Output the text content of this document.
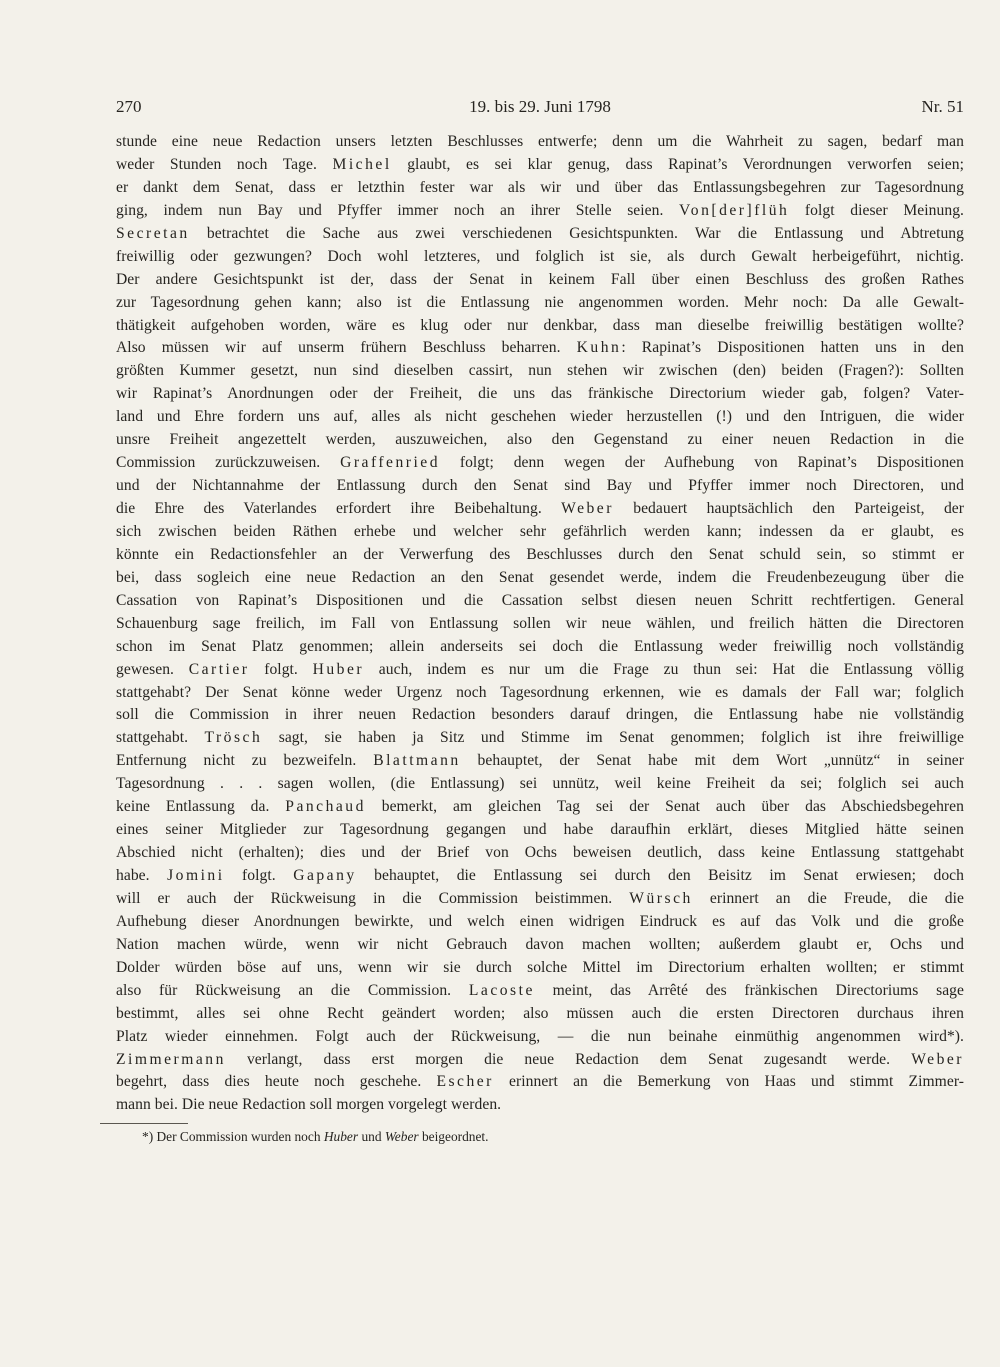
270	19. bis 29. Juni 1798	Nr. 51
stunde eine neue Redaction unsers letzten Beschlusses entwerfe; denn um die Wahrheit zu sagen, bedarf man
weder Stunden noch Tage. Michel glaubt, es sei klar genug, dass Rapinat’s Verordnungen verworfen seien;
er dankt dem Senat, dass er letzthin fester war als wir und über das Entlassungsbegehren zur Tagesordnung
ging, indem nun Bay und Pfyffer immer noch an ihrer Stelle seien. Von[der]flüh folgt dieser Meinung.
Secretan betrachtet die Sache aus zwei verschiedenen Gesichtspunkten. War die Entlassung und Abtretung
freiwillig oder gezwungen? Doch wohl letzteres, und folglich ist sie, als durch Gewalt herbeigeführt, nichtig.
Der andere Gesichtspunkt ist der, dass der Senat in keinem Fall über einen Beschluss des großen Rathes
zur Tagesordnung gehen kann; also ist die Entlassung nie angenommen worden. Mehr noch: Da alle Gewalt-
thätigkeit aufgehoben worden, wäre es klug oder nur denkbar, dass man dieselbe freiwillig bestätigen wollte?
Also müssen wir auf unserm frühern Beschluss beharren. Kuhn: Rapinat’s Dispositionen hatten uns in den
größten Kummer gesetzt, nun sind dieselben cassirt, nun stehen wir zwischen (den) beiden (Fragen?): Sollten
wir Rapinat’s Anordnungen oder der Freiheit, die uns das fränkische Directorium wieder gab, folgen? Vater-
land und Ehre fordern uns auf, alles als nicht geschehen wieder herzustellen (!) und den Intriguen, die wider
unsre Freiheit angezettelt werden, auszuweichen, also den Gegenstand zu einer neuen Redaction in die
Commission zurückzuweisen. Graffenried folgt; denn wegen der Aufhebung von Rapinat’s Dispositionen
und der Nichtannahme der Entlassung durch den Senat sind Bay und Pfyffer immer noch Directoren, und
die Ehre des Vaterlandes erfordert ihre Beibehaltung. Weber bedauert hauptsächlich den Parteigeist, der
sich zwischen beiden Räthen erhebe und welcher sehr gefährlich werden kann; indessen da er glaubt, es
könnte ein Redactionsfehler an der Verwerfung des Beschlusses durch den Senat schuld sein, so stimmt er
bei, dass sogleich eine neue Redaction an den Senat gesendet werde, indem die Freudenbezeugung über die
Cassation von Rapinat’s Dispositionen und die Cassation selbst diesen neuen Schritt rechtfertigen. General
Schauenburg sage freilich, im Fall von Entlassung sollen wir neue wählen, und freilich hätten die Directoren
schon im Senat Platz genommen; allein anderseits sei doch die Entlassung weder freiwillig noch vollständig
gewesen. Cartier folgt. Huber auch, indem es nur um die Frage zu thun sei: Hat die Entlassung völlig
stattgehabt? Der Senat könne weder Urgenz noch Tagesordnung erkennen, wie es damals der Fall war; folglich
soll die Commission in ihrer neuen Redaction besonders darauf dringen, die Entlassung habe nie vollständig
stattgehabt. Trösch sagt, sie haben ja Sitz und Stimme im Senat genommen; folglich ist ihre freiwillige
Entfernung nicht zu bezweifeln. Blattmann behauptet, der Senat habe mit dem Wort „unnütz“ in seiner
Tagesordnung . . . sagen wollen, (die Entlassung) sei unnütz, weil keine Freiheit da sei; folglich sei auch
keine Entlassung da. Panchaud bemerkt, am gleichen Tag sei der Senat auch über das Abschiedsbegehren
eines seiner Mitglieder zur Tagesordnung gegangen und habe daraufhin erklärt, dieses Mitglied hätte seinen
Abschied nicht (erhalten); dies und der Brief von Ochs beweisen deutlich, dass keine Entlassung stattgehabt
habe. Jomini folgt. Gapany behauptet, die Entlassung sei durch den Beisitz im Senat erwiesen; doch
will er auch der Rückweisung in die Commission beistimmen. Würsch erinnert an die Freude, die die
Aufhebung dieser Anordnungen bewirkte, und welch einen widrigen Eindruck es auf das Volk und die große
Nation machen würde, wenn wir nicht Gebrauch davon machen wollten; außerdem glaubt er, Ochs und
Dolder würden böse auf uns, wenn wir sie durch solche Mittel im Directorium erhalten wollten; er stimmt
also für Rückweisung an die Commission. Lacoste meint, das Arrêté des fränkischen Directoriums sage
bestimmt, alles sei ohne Recht geändert worden; also müssen auch die ersten Directoren durchaus ihren
Platz wieder einnehmen. Folgt auch der Rückweisung, — die nun beinahe einmüthig angenommen wird*).
Zimmermann verlangt, dass erst morgen die neue Redaction dem Senat zugesandt werde. Weber
begehrt, dass dies heute noch geschehe. Escher erinnert an die Bemerkung von Haas und stimmt Zimmer-
mann bei. Die neue Redaction soll morgen vorgelegt werden.
*) Der Commission wurden noch Huber und Weber beigeordnet.
